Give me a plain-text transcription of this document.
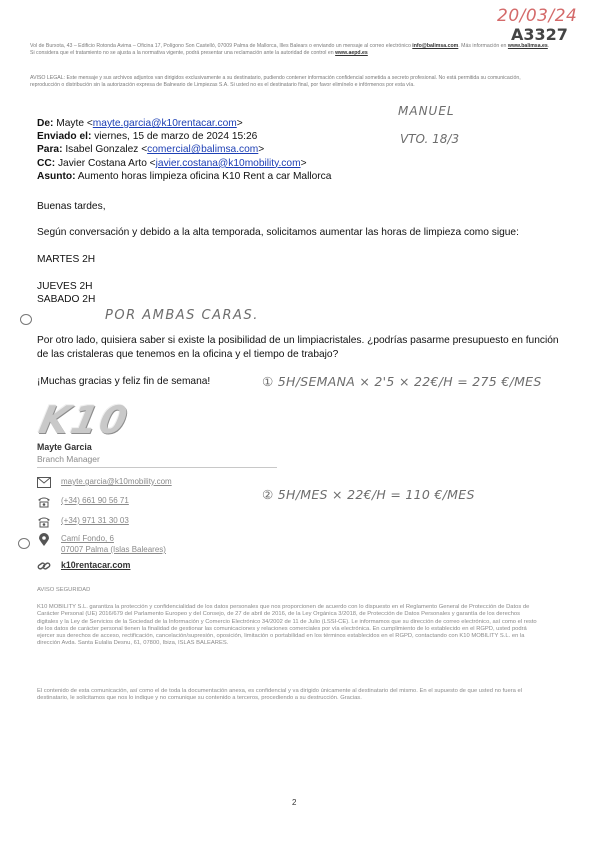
20/03/24
A3327
Vol de Burxota, 43 – Edificio Rotonda Avima – Oficina 17, Polígono Son Castelló, 07009 Palma de Mallorca, Illes Balears o enviando un mensaje al correo electrónico info@balimsa.com. Más información en www.balimsa.es. Si considera que el tratamiento no se ajusta a la normativa vigente, podrá presentar una reclamación ante la autoridad de control en www.aepd.es
AVISO LEGAL: Este mensaje y sus archivos adjuntos van dirigidos exclusivamente a su destinatario, pudiendo contener información confidencial sometida a secreto profesional. No está permitida su comunicación, reproducción o distribución sin la autorización expresa de Balneario de Limpiezas S.A. Si usted no es el destinatario final, por favor elimínelo e infórmenos por esta vía.
MANUEL
VTO. 18/3
De: Mayte <mayte.garcia@k10rentacar.com>
Enviado el: viernes, 15 de marzo de 2024 15:26
Para: Isabel Gonzalez <comercial@balimsa.com>
CC: Javier Costana Arto <javier.costana@k10mobility.com>
Asunto: Aumento horas limpieza oficina K10 Rent a car Mallorca
Buenas tardes,
Según conversación y debido a la alta temporada, solicitamos aumentar las horas de limpieza como sigue:
MARTES 2H
JUEVES 2H
SABADO 2H
POR AMBAS CARAS.
Por otro lado, quisiera saber si existe la posibilidad de un limpiacristales. ¿podrías pasarme presupuesto en función de las cristaleras que tenemos en la oficina y el tiempo de trabajo?
¡Muchas gracias y feliz fin de semana!	① 5H/SEMANA × 2'5 × 22€/H = 275 €/MES
② 5H/MES × 22€/H = 110 €/MES
K10
Mayte Garcia
Branch Manager
mayte.garcia@k10mobility.com
(+34) 661 90 56 71
(+34) 971 31 30 03
Camí Fondo, 6
07007 Palma (Islas Baleares)
k10rentacar.com
AVISO SEGURIDAD
K10 MOBILITY S.L. garantiza la protección y confidencialidad de los datos personales que nos proporcionen de acuerdo con lo dispuesto en el Reglamento General de Protección de Datos de Carácter Personal (UE) 2016/679 del Parlamento Europeo y del Consejo, de 27 de abril de 2016, de la Ley Orgánica 3/2018, de Protección de Datos Personales y garantía de los derechos digitales y la Ley de Servicios de la Sociedad de la Información y Comercio Electrónico 34/2002 de 11 de Julio (LSSI-CE). Le informamos que su dirección de correo electrónico, así como el resto de los datos de carácter personal tienen la finalidad de gestionar las comunicaciones y relaciones comerciales por vía electrónica. En cumplimiento de lo establecido en el RGPD, usted podrá ejercer sus derechos de acceso, rectificación, cancelación/supresión, oposición, limitación o portabilidad en los términos establecidos en el RGPD, contactando con K10 MOBILITY S.L. en la dirección Avda. Santa Eulalia Desnu, 61, 07800, Ibiza, ISLAS BALEARES.
El contenido de esta comunicación, así como el de toda la documentación anexa, es confidencial y va dirigido únicamente al destinatario del mismo. En el supuesto de que usted no fuera el destinatario, le solicitamos que nos lo indique y no comunique su contenido a terceros, procediendo a su destrucción. Gracias.
2
